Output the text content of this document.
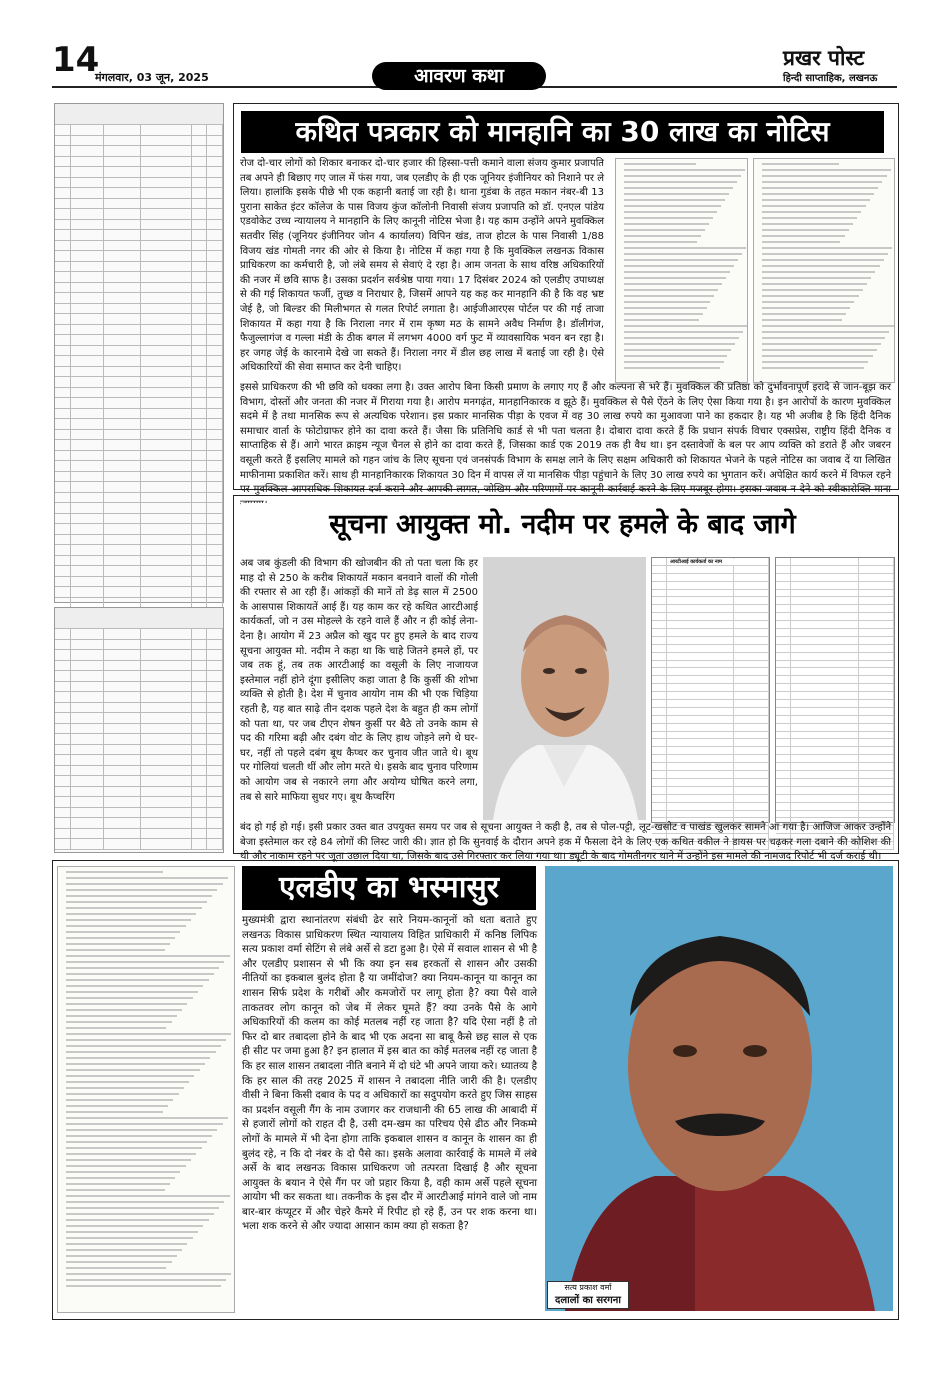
14
मंगलवार, 03 जून, 2025	आवरण कथा
प्रखर पोस्ट
हिन्दी साप्ताहिक, लखनऊ
कथित पत्रकार को मानहानि का 30 लाख का नोटिस
रोज दो-चार लोगों को शिकार बनाकर दो-चार हजार की हिस्सा-पत्ती कमाने वाला संजय कुमार प्रजापति तब अपने ही बिछाए गए जाल में फंस गया, जब एलडीए के ही एक जूनियर इंजीनियर को निशाने पर ले लिया। हालांकि इसके पीछे भी एक कहानी बताई जा रही है। थाना गुडंबा के तहत मकान नंबर-बी 13 पुराना साकेत इंटर कॉलेज के पास विजय कुंज कॉलोनी निवासी संजय प्रजापति को डॉ. एनएल पांडेय एडवोकेट उच्च न्यायालय ने मानहानि के लिए कानूनी नोटिस भेजा है। यह काम उन्होंने अपने मुवक्किल सतवीर सिंह (जूनियर इंजीनियर जोन 4 कार्यालय) विपिन खंड, ताज होटल के पास निवासी 1/88 विजय खंड गोमती नगर की ओर से किया है। नोटिस में कहा गया है कि मुवक्किल लखनऊ विकास प्राधिकरण का कर्मचारी है, जो लंबे समय से सेवाएं दे रहा है। आम जनता के साथ वरिष्ठ अधिकारियों की नजर में छवि साफ है। उसका प्रदर्शन सर्वश्रेष्ठ पाया गया। 17 दिसंबर 2024 को एलडीए उपाध्यक्ष से की गई शिकायत फर्जी, तुच्छ व निराधार है, जिसमें आपने यह कह कर मानहानि की है कि वह भ्रष्ट जेई है, जो बिल्डर की मिलीभगत से गलत रिपोर्ट लगाता है। आईजीआरएस पोर्टल पर की गई ताजा शिकायत में कहा गया है कि निराला नगर में राम कृष्ण मठ के सामने अवैध निर्माण है। डॉलीगंज, फैजुल्लागंज व गल्ला मंडी के ठीक बगल में लगभग 4000 वर्ग फुट में व्यावसायिक भवन बन रहा है। हर जगह जेई के कारनामे देखे जा सकते हैं। निराला नगर में डील छह लाख में बताई जा रही है। ऐसे अधिकारियों की सेवा समाप्त कर देनी चाहिए।
इससे प्राधिकरण की भी छवि को धक्का लगा है। उक्त आरोप बिना किसी प्रमाण के लगाए गए हैं और कल्पना से भरे हैं। मुवक्किल की प्रतिष्ठा को दुर्भावनापूर्ण इरादे से जान-बूझ कर विभाग, दोस्तों और जनता की नजर में गिराया गया है। आरोप मनगढ़ंत, मानहानिकारक व झूठे हैं। मुवक्किल से पैसे ऐंठने के लिए ऐसा किया गया है। इन आरोपों के कारण मुवक्किल सदमे में है तथा मानसिक रूप से अत्यधिक परेशान। इस प्रकार मानसिक पीड़ा के एवज में वह 30 लाख रुपये का मुआवजा पाने का हकदार है। यह भी अजीब है कि हिंदी दैनिक समाचार वार्ता के फोटोग्राफर होने का दावा करते हैं। जैसा कि प्रतिनिधि कार्ड से भी पता चलता है। दोबारा दावा करते हैं कि प्रधान संपर्क विचार एक्सप्रेस, राष्ट्रीय हिंदी दैनिक व साप्ताहिक से हैं। आगे भारत क्राइम न्यूज चैनल से होने का दावा करते हैं, जिसका कार्ड एक 2019 तक ही वैध था। इन दस्तावेजों के बल पर आप व्यक्ति को डराते हैं और जबरन वसूली करते हैं इसलिए मामले को गहन जांच के लिए सूचना एवं जनसंपर्क विभाग के समक्ष लाने के लिए सक्षम अधिकारी को शिकायत भेजने के पहले नोटिस का जवाब दें या लिखित माफीनामा प्रकाशित करें। साथ ही मानहानिकारक शिकायत 30 दिन में वापस लें या मानसिक पीड़ा पहुंचाने के लिए 30 लाख रुपये का भुगतान करें। अपेक्षित कार्य करने में विफल रहने पर मुवक्किल आपराधिक शिकायत दर्ज कराने और आपकी लागत, जोखिम और परिणामों पर कानूनी कार्रवाई करने के लिए मजबूर होगा। इसका जवाब न देने को स्वीकारोक्ति माना
सूचना आयुक्त मो. नदीम पर हमले के बाद जागे
अब जब कुंडली की विभाग की खोजबीन की तो पता चला कि हर माह दो से 250 के करीब शिकायतें मकान बनवाने वालों की गोली की रफ्तार से आ रही हैं। आंकड़ों की मानें तो डेढ़ साल में 2500 के आसपास शिकायतें आई हैं। यह काम कर रहे कथित आरटीआई कार्यकर्ता, जो न उस मोहल्ले के रहने वाले हैं और न ही कोई लेना-देना है। आयोग में 23 अप्रैल को खुद पर हुए हमले के बाद राज्य सूचना आयुक्त मो. नदीम ने कहा था कि चाहे जितने हमले हों, पर जब तक हूं, तब तक आरटीआई का वसूली के लिए नाजायज इस्तेमाल नहीं होने दूंगा इसीलिए कहा जाता है कि कुर्सी की शोभा व्यक्ति से होती है। देश में चुनाव आयोग नाम की भी एक चिड़िया रहती है, यह बात साढ़े तीन दशक पहले देश के बहुत ही कम लोगों को पता था, पर जब टीएन शेषन कुर्सी पर बैठे तो उनके काम से पद की गरिमा बढ़ी और दबंग वोट के लिए हाथ जोड़ने लगे थे घर-घर, नहीं तो पहले दबंग बूथ कैप्चर कर चुनाव जीत जाते थे। बूथ पर गोलियां चलती थीं और लोग मरते थे। इसके बाद चुनाव परिणाम को आयोग जब से नकारने लगा और अयोग्य घोषित करने लगा, तब से सारे माफिया सुधर गए। बूथ कैप्चरिंग
आरटीआई कार्यकर्ता का नाम
बंद हो गई हो गई। इसी प्रकार उक्त बात उपयुक्त समय पर जब से सूचना आयुक्त ने कही है, तब से पोल-पट्टी, लूट-खसोट व पाखंड खुलकर सामने आ गया है। आजिज आकर उन्होंने बेजा इस्तेमाल कर रहे 84 लोगों की लिस्ट जारी की। ज्ञात हो कि सुनवाई के दौरान अपने हक में फैसला देने के लिए एक कथित वकील ने डायस पर चढ़कर गला दबाने की कोशिश की थी और नाकाम रहने पर जूता उछाल दिया था, जिसके बाद उसे गिरफ्तार कर लिया गया था। ड्यूटी के बाद गोमतीनगर थाने में उन्होंने इस मामले की नामजद रिपोर्ट भी दर्ज कराई थी।
एलडीए का भस्मासुर
मुख्यमंत्री द्वारा स्थानांतरण संबंधी ढेर सारे नियम-कानूनों को धता बताते हुए लखनऊ विकास प्राधिकरण स्थित न्यायालय विहित प्राधिकारी में कनिष्ठ लिपिक सत्य प्रकाश वर्मा सेटिंग से लंबे अर्से से डटा हुआ है। ऐसे में सवाल शासन से भी है और एलडीए प्रशासन से भी कि क्या इन सब हरकतों से शासन और उसकी नीतियों का इकबाल बुलंद होता है या जमींदोज? क्या नियम-कानून या कानून का शासन सिर्फ प्रदेश के गरीबों और कमजोरों पर लागू होता है? क्या पैसे वाले ताकतवर लोग कानून को जेब में लेकर घूमते हैं? क्या उनके पैसे के आगे अधिकारियों की कलम का कोई मतलब नहीं रह जाता है? यदि ऐसा नहीं है तो फिर दो बार तबादला होने के बाद भी एक अदना सा बाबू कैसे छह साल से एक ही सीट पर जमा हुआ है? इन हालात में इस बात का कोई मतलब नहीं रह जाता है कि हर साल शासन तबादला नीति बनाने में दो घंटे भी अपने जाया करे। ध्यातव्य है कि हर साल की तरह 2025 में शासन ने तबादला नीति जारी की है। एलडीए वीसी ने बिना किसी दबाव के पद व अधिकारों का सदुपयोग करते हुए जिस साहस का प्रदर्शन वसूली गैंग के नाम उजागर कर राजधानी की 65 लाख की आबादी में से हजारों लोगों को राहत दी है, उसी दम-खम का परिचय ऐसे ढीठ और निकम्मे लोगों के मामले में भी देना होगा ताकि इकबाल शासन व कानून के शासन का ही बुलंद रहे, न कि दो नंबर के दो पैसे का। इसके अलावा कार्रवाई के मामले में लंबे अर्से के बाद लखनऊ विकास प्राधिकरण जो तत्परता दिखाई है और सूचना आयुक्त के बयान ने ऐसे गैंग पर जो प्रहार किया है, वही काम अर्से पहले सूचना आयोग भी कर सकता था। तकनीक के इस दौर में आरटीआई मांगने वाले जो नाम बार-बार कंप्यूटर में और चेहरे कैमरे में रिपीट हो रहे हैं, उन पर शक करना था। भला शक करने से और ज्यादा आसान काम क्या हो सकता है?
सत्य प्रकाश वर्मा
दलालों का सरगना
